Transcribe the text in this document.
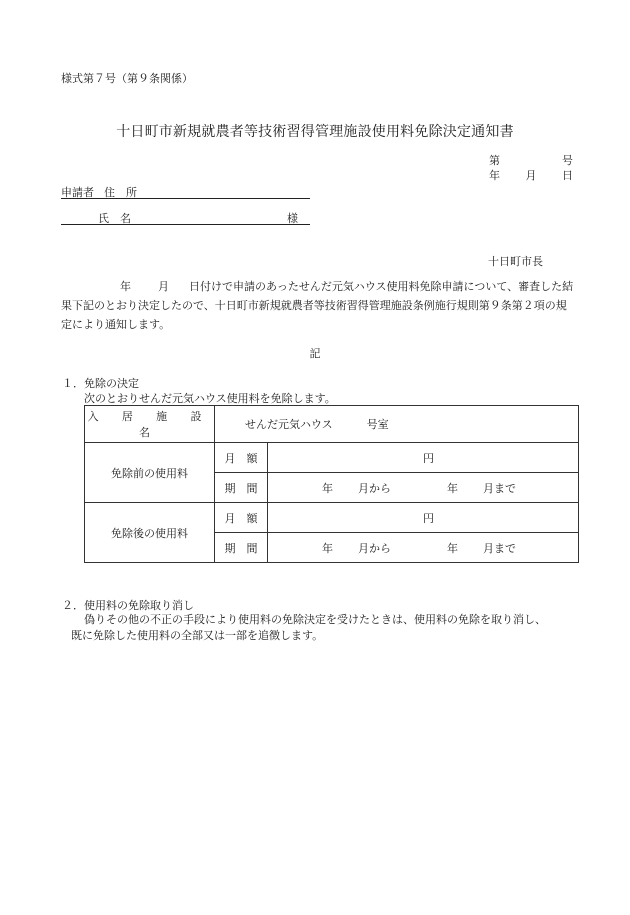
様式第７号（第９条関係）
十日町市新規就農者等技術習得管理施設使用料免除決定通知書
第	号
年 月 日
申請者 住　所
氏　名	様
十日町市長
年 月 日付けで申請のあったせんだ元気ハウス使用料免除申請について、審査した結果下記のとおり決定したので、十日町市新規就農者等技術習得管理施設条例施行規則第９条第２項の規定により通知します。
記
１．免除の決定
次のとおりせんだ元気ハウス使用料を免除します。
入 居 施 設 名	せんだ元気ハウス 号室	
免除前の使用料	月　額	円
	期　間	年 月から 年 月まで
免除後の使用料	月　額	円
	期　間	年 月から 年 月まで
２．使用料の免除取り消し
偽りその他の不正の手段により使用料の免除決定を受けたときは、使用料の免除を取り消し、
既に免除した使用料の全部又は一部を追徴します。
